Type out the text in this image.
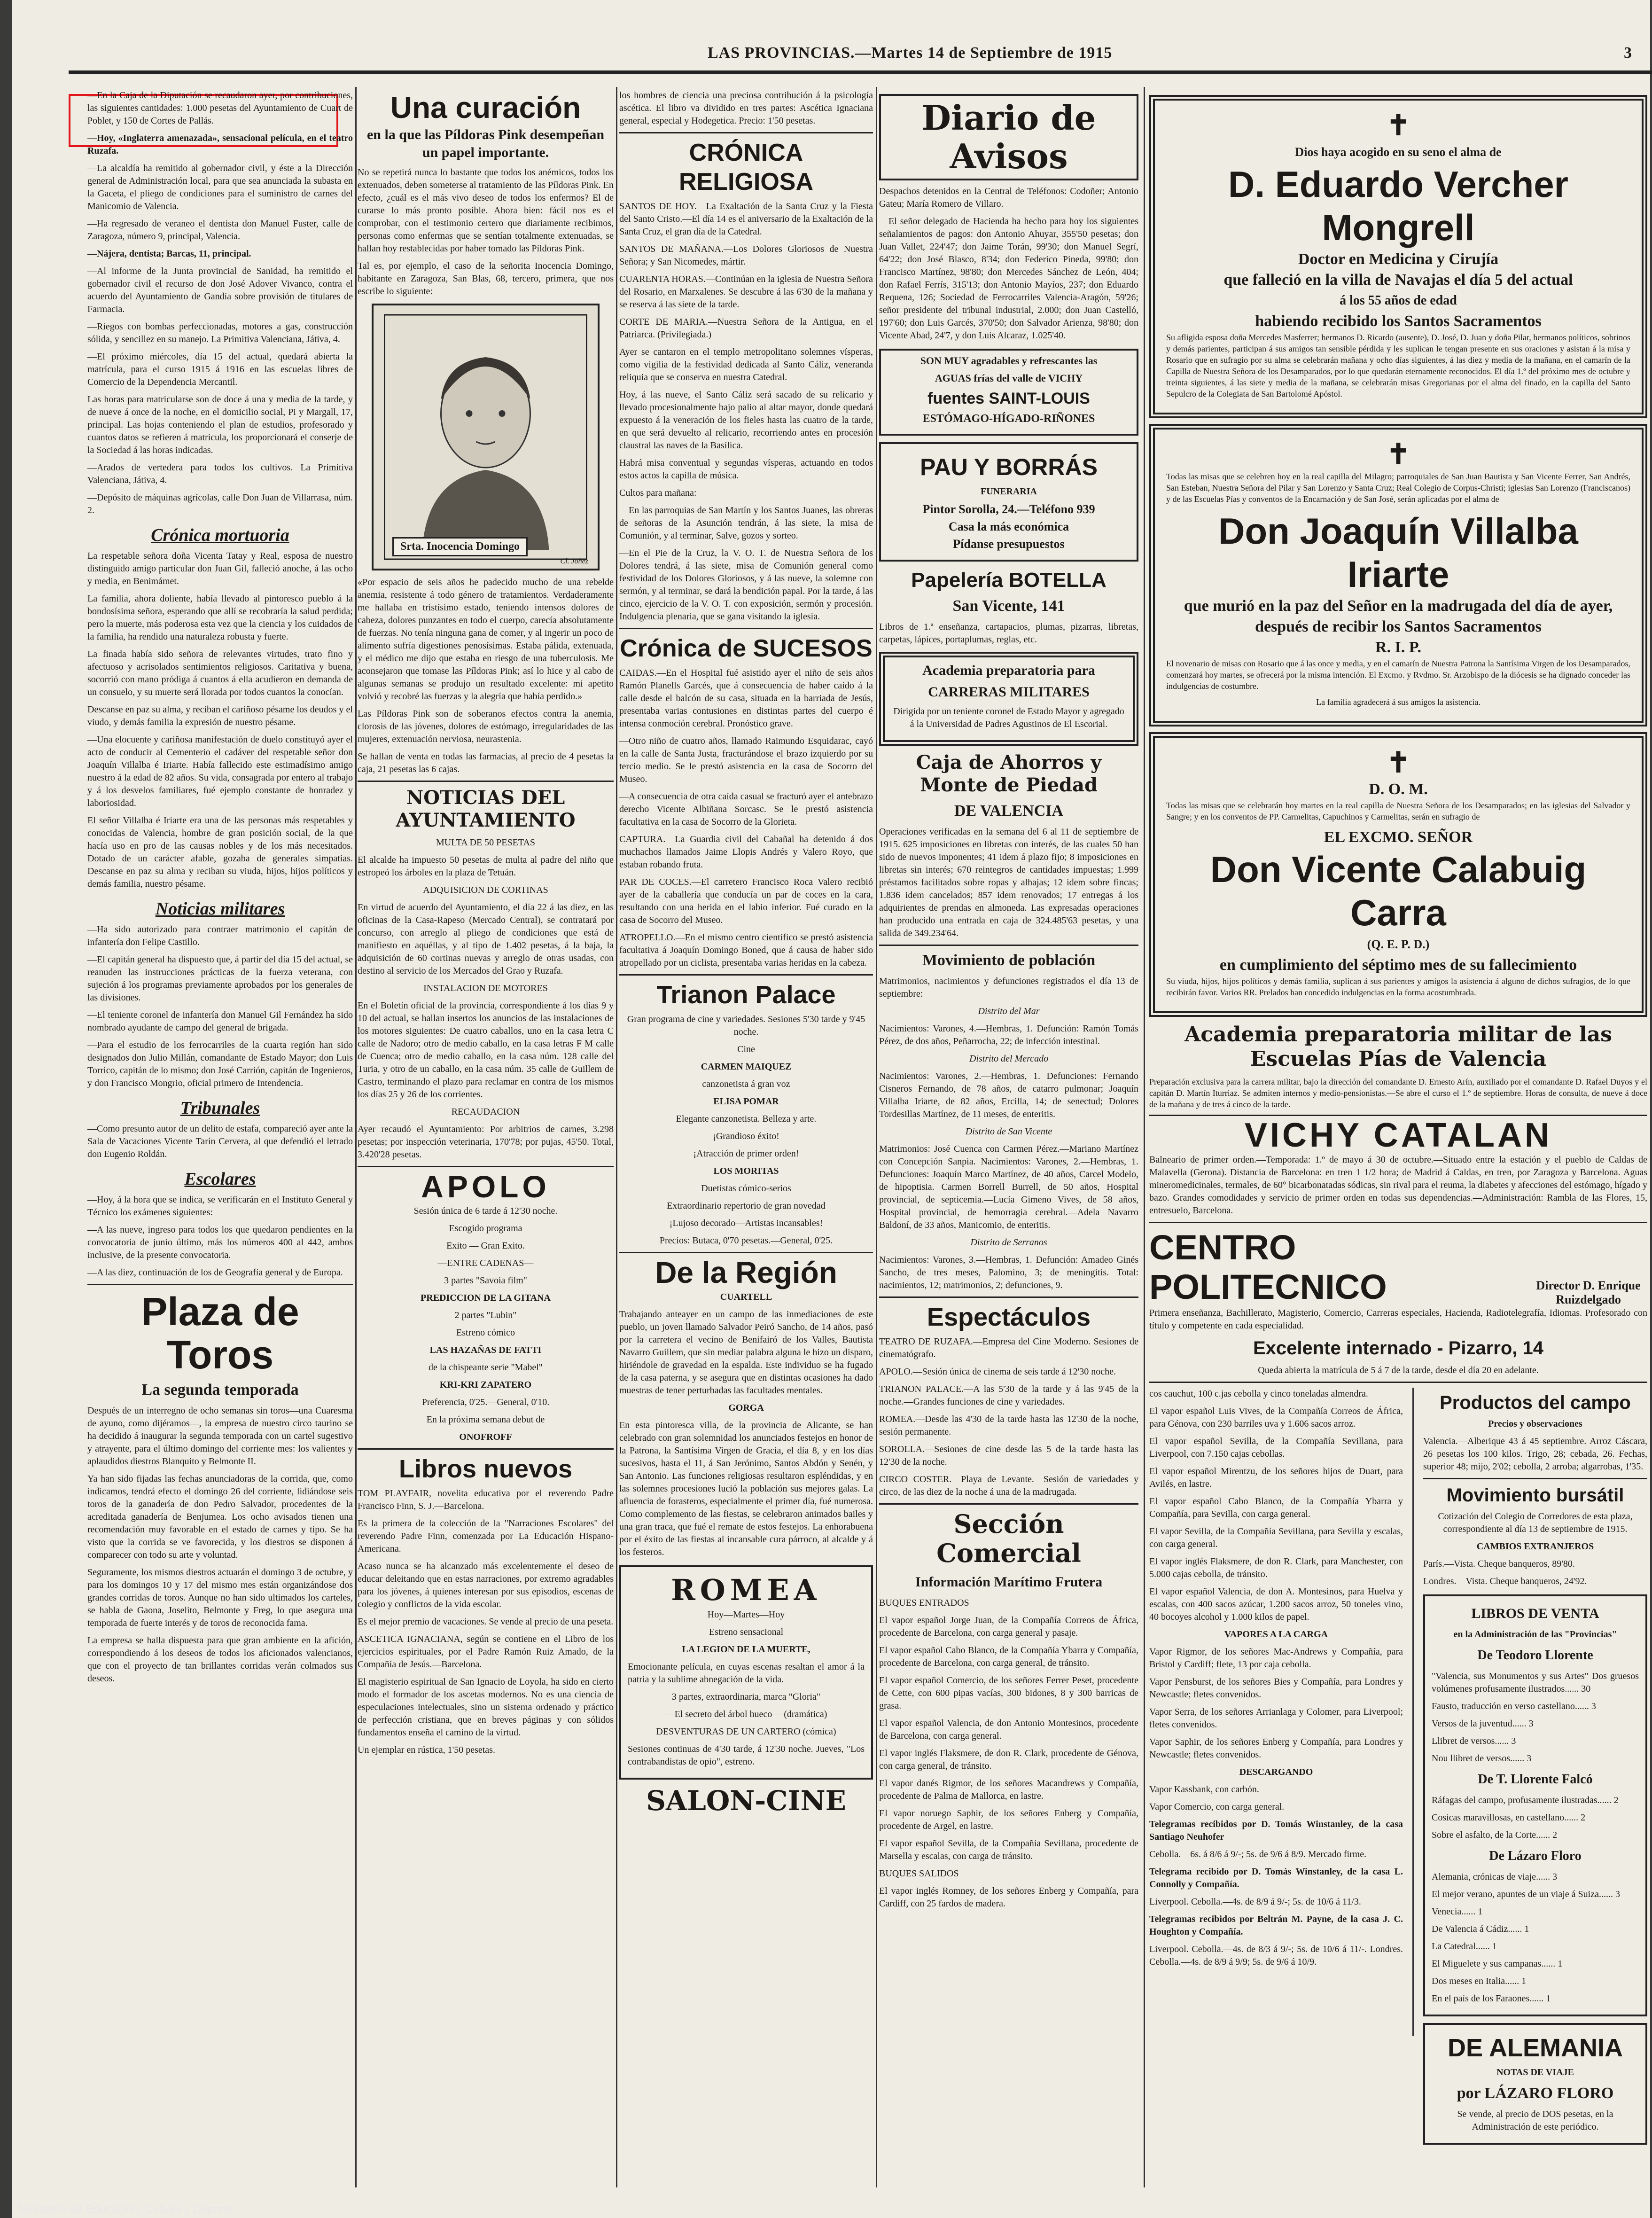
LAS PROVINCIAS.—Martes 14 de Septiembre de 1915	3

—En la Caja de la Diputación se recaudaron ayer, por contribuciones, las siguientes cantidades: 1.000 pesetas del Ayuntamiento de Cuart de Poblet, y 150 de Cortes de Pallás.

—Hoy, «Inglaterra amenazada», sensacional película, en el teatro Ruzafa.

—La alcaldía ha remitido al gobernador civil, y éste a la Dirección general de Administración local, para que sea anunciada la subasta en la Gaceta, el pliego de condiciones para el suministro de carnes del Manicomio de Valencia.

—Ha regresado de veraneo el dentista don Manuel Fuster, calle de Zaragoza, número 9, principal, Valencia.

—Nájera, dentista; Barcas, 11, principal.

—Al informe de la Junta provincial de Sanidad, ha remitido el gobernador civil el recurso de don José Adover Vivanco, contra el acuerdo del Ayuntamiento de Gandía sobre provisión de titulares de Farmacia.

—Riegos con bombas perfeccionadas, motores a gas, construcción sólida, y sencillez en su manejo. La Primitiva Valenciana, Játiva, 4.

—El próximo miércoles, día 15 del actual, quedará abierta la matrícula, para el curso 1915 á 1916 en las escuelas libres de Comercio de la Dependencia Mercantil.

Las horas para matricularse son de doce á una y media de la tarde, y de nueve á once de la noche, en el domicilio social, Pi y Margall, 17, principal. Las hojas conteniendo el plan de estudios, profesorado y cuantos datos se refieren á matrícula, los proporcionará el conserje de la Sociedad á las horas indicadas.

—Arados de vertedera para todos los cultivos. La Primitiva Valenciana, Játiva, 4.

—Depósito de máquinas agrícolas, calle Don Juan de Villarrasa, núm. 2.

Crónica mortuoria

La respetable señora doña Vicenta Tatay y Real, esposa de nuestro distinguido amigo particular don Juan Gil, falleció anoche, á las ocho y media, en Benimámet.

La familia, ahora doliente, había llevado al pintoresco pueblo á la bondosísima señora, esperando que allí se recobraría la salud perdida; pero la muerte, más poderosa esta vez que la ciencia y los cuidados de la familia, ha rendido una naturaleza robusta y fuerte.

La finada había sido señora de relevantes virtudes, trato fino y afectuoso y acrisolados sentimientos religiosos. Caritativa y buena, socorrió con mano pródiga á cuantos á ella acudieron en demanda de un consuelo, y su muerte será llorada por todos cuantos la conocían.

Descanse en paz su alma, y reciban el cariñoso pésame los deudos y el viudo, y demás familia la expresión de nuestro pésame.

—Una elocuente y cariñosa manifestación de duelo constituyó ayer el acto de conducir al Cementerio el cadáver del respetable señor don Joaquín Villalba é Iriarte. Había fallecido este estimadísimo amigo nuestro á la edad de 82 años. Su vida, consagrada por entero al trabajo y á los desvelos familiares, fué ejemplo constante de honradez y laboriosidad.

El señor Villalba é Iriarte era una de las personas más respetables y conocidas de Valencia, hombre de gran posición social, de la que hacía uso en pro de las causas nobles y de los más necesitados. Dotado de un carácter afable, gozaba de generales simpatías. Descanse en paz su alma y reciban su viuda, hijos, hijos políticos y demás familia, nuestro pésame.

Noticias militares

—Ha sido autorizado para contraer matrimonio el capitán de infantería don Felipe Castillo.

—El capitán general ha dispuesto que, á partir del día 15 del actual, se reanuden las instrucciones prácticas de la fuerza veterana, con sujeción á los programas previamente aprobados por los generales de las divisiones.

—El teniente coronel de infantería don Manuel Gil Fernández ha sido nombrado ayudante de campo del general de brigada.

—Para el estudio de los ferrocarriles de la cuarta región han sido designados don Julio Millán, comandante de Estado Mayor; don Luis Torrico, capitán de lo mismo; don José Carrión, capitán de Ingenieros, y don Francisco Mongrio, oficial primero de Intendencia.

Tribunales

—Como presunto autor de un delito de estafa, compareció ayer ante la Sala de Vacaciones Vicente Tarín Cervera, al que defendió el letrado don Eugenio Roldán.

Escolares

—Hoy, á la hora que se indica, se verificarán en el Instituto General y Técnico los exámenes siguientes:

—A las nueve, ingreso para todos los que quedaron pendientes en la convocatoria de junio último, más los números 400 al 442, ambos inclusive, de la presente convocatoria.

—A las diez, continuación de los de Geografía general y de Europa.

Plaza de Toros
La segunda temporada

Después de un interregno de ocho semanas sin toros—una Cuaresma de ayuno, como dijéramos—, la empresa de nuestro circo taurino se ha decidido á inaugurar la segunda temporada con un cartel sugestivo y atrayente, para el último domingo del corriente mes: los valientes y aplaudidos diestros Blanquito y Belmonte II.

Ya han sido fijadas las fechas anunciadoras de la corrida, que, como indicamos, tendrá efecto el domingo 26 del corriente, lidiándose seis toros de la ganadería de don Pedro Salvador, procedentes de la acreditada ganadería de Benjumea. Los ocho avisados tienen una recomendación muy favorable en el estado de carnes y tipo. Se ha visto que la corrida se ve favorecida, y los diestros se disponen á comparecer con todo su arte y voluntad.

Seguramente, los mismos diestros actuarán el domingo 3 de octubre, y para los domingos 10 y 17 del mismo mes están organizándose dos grandes corridas de toros. Aunque no han sido ultimados los carteles, se habla de Gaona, Joselito, Belmonte y Freg, lo que asegura una temporada de fuerte interés y de toros de reconocida fama.

La empresa se halla dispuesta para que gran ambiente en la afición, correspondiendo á los deseos de todos los aficionados valencianos, que con el proyecto de tan brillantes corridas verán colmados sus deseos.

Una curación
en la que las Píldoras Pink desempeñan un papel importante.

No se repetirá nunca lo bastante que todos los anémicos, todos los extenuados, deben someterse al tratamiento de las Píldoras Pink. En efecto, ¿cuál es el más vivo deseo de todos los enfermos? El de curarse lo más pronto posible. Ahora bien: fácil nos es el comprobar, con el testimonio certero que diariamente recibimos, personas como enfermas que se sentían totalmente extenuadas, se hallan hoy restablecidas por haber tomado las Píldoras Pink.

Tal es, por ejemplo, el caso de la señorita Inocencia Domingo, habitante en Zaragoza, San Blas, 68, tercero, primera, que nos escribe lo siguiente:

Srta. Inocencia Domingo
Cl. Joñez

«Por espacio de seis años he padecido mucho de una rebelde anemia, resistente á todo género de tratamientos. Verdaderamente me hallaba en tristísimo estado, teniendo intensos dolores de cabeza, dolores punzantes en todo el cuerpo, carecía absolutamente de fuerzas. No tenía ninguna gana de comer, y al ingerir un poco de alimento sufría digestiones penosísimas. Estaba pálida, extenuada, y el médico me dijo que estaba en riesgo de una tuberculosis. Me aconsejaron que tomase las Píldoras Pink; así lo hice y al cabo de algunas semanas se produjo un resultado excelente: mi apetito volvió y recobré las fuerzas y la alegría que había perdido.»

Las Píldoras Pink son de soberanos efectos contra la anemia, clorosis de las jóvenes, dolores de estómago, irregularidades de las mujeres, extenuación nerviosa, neurastenia.

Se hallan de venta en todas las farmacias, al precio de 4 pesetas la caja, 21 pesetas las 6 cajas.

NOTICIAS DEL AYUNTAMIENTO

MULTA DE 50 PESETAS

El alcalde ha impuesto 50 pesetas de multa al padre del niño que estropeó los árboles en la plaza de Tetuán.

ADQUISICION DE CORTINAS

En virtud de acuerdo del Ayuntamiento, el día 22 á las diez, en las oficinas de la Casa-Rapeso (Mercado Central), se contratará por concurso, con arreglo al pliego de condiciones que está de manifiesto en aquéllas, y al tipo de 1.402 pesetas, á la baja, la adquisición de 60 cortinas nuevas y arreglo de otras usadas, con destino al servicio de los Mercados del Grao y Ruzafa.

INSTALACION DE MOTORES

En el Boletín oficial de la provincia, correspondiente á los días 9 y 10 del actual, se hallan insertos los anuncios de las instalaciones de los motores siguientes: De cuatro caballos, uno en la casa letra C calle de Nadoro; otro de medio caballo, en la casa letras F M calle de Cuenca; otro de medio caballo, en la casa núm. 128 calle del Turia, y otro de un caballo, en la casa núm. 35 calle de Guillem de Castro, terminando el plazo para reclamar en contra de los mismos los días 25 y 26 de los corrientes.

RECAUDACION

Ayer recaudó el Ayuntamiento: Por arbitrios de carnes, 3.298 pesetas; por inspección veterinaria, 170'78; por pujas, 45'50. Total, 3.420'28 pesetas.

APOLO

Sesión única de 6 tarde á 12'30 noche.

Escogido programa

Exito — Gran Exito.

—ENTRE CADENAS—

3 partes "Savoia film"

PREDICCION DE LA GITANA

2 partes "Lubin"

Estreno cómico

LAS HAZAÑAS DE FATTI

de la chispeante serie "Mabel"

KRI-KRI ZAPATERO

Preferencia, 0'25.—General, 0'10.

En la próxima semana debut de

ONOFROFF

Libros nuevos

TOM PLAYFAIR, novelita educativa por el reverendo Padre Francisco Finn, S. J.—Barcelona.

Es la primera de la colección de la "Narraciones Escolares" del reverendo Padre Finn, comenzada por La Educación Hispano-Americana.

Acaso nunca se ha alcanzado más excelentemente el deseo de educar deleitando que en estas narraciones, por extremo agradables para los jóvenes, á quienes interesan por sus episodios, escenas de colegio y conflictos de la vida escolar.

Es el mejor premio de vacaciones. Se vende al precio de una peseta.

ASCETICA IGNACIANA, según se contiene en el Libro de los ejercicios espirituales, por el Padre Ramón Ruiz Amado, de la Compañía de Jesús.—Barcelona.

El magisterio espiritual de San Ignacio de Loyola, ha sido en cierto modo el formador de los ascetas modernos. No es una ciencia de especulaciones intelectuales, sino un sistema ordenado y práctico de perfección cristiana, que en breves páginas y con sólidos fundamentos enseña el camino de la virtud.

Un ejemplar en rústica, 1'50 pesetas.

los hombres de ciencia una preciosa contribución á la psicología ascética. El libro va dividido en tres partes: Ascética Ignaciana general, especial y Hodegetica. Precio: 1'50 pesetas.

CRÓNICA RELIGIOSA

SANTOS DE HOY.—La Exaltación de la Santa Cruz y la Fiesta del Santo Cristo.—El día 14 es el aniversario de la Exaltación de la Santa Cruz, el gran día de la Catedral.

SANTOS DE MAÑANA.—Los Dolores Gloriosos de Nuestra Señora; y San Nicomedes, mártir.

CUARENTA HORAS.—Continúan en la iglesia de Nuestra Señora del Rosario, en Marxalenes. Se descubre á las 6'30 de la mañana y se reserva á las siete de la tarde.

CORTE DE MARIA.—Nuestra Señora de la Antigua, en el Patriarca. (Privilegiada.)

Ayer se cantaron en el templo metropolitano solemnes vísperas, como vigilia de la festividad dedicada al Santo Cáliz, veneranda reliquia que se conserva en nuestra Catedral.

Hoy, á las nueve, el Santo Cáliz será sacado de su relicario y llevado procesionalmente bajo palio al altar mayor, donde quedará expuesto á la veneración de los fieles hasta las cuatro de la tarde, en que será devuelto al relicario, recorriendo antes en procesión claustral las naves de la Basílica.

Habrá misa conventual y segundas vísperas, actuando en todos estos actos la capilla de música.

Cultos para mañana:

—En las parroquias de San Martín y los Santos Juanes, las obreras de señoras de la Asunción tendrán, á las siete, la misa de Comunión, y al terminar, Salve, gozos y sorteo.

—En el Pie de la Cruz, la V. O. T. de Nuestra Señora de los Dolores tendrá, á las siete, misa de Comunión general como festividad de los Dolores Gloriosos, y á las nueve, la solemne con sermón, y al terminar, se dará la bendición papal. Por la tarde, á las cinco, ejercicio de la V. O. T. con exposición, sermón y procesión. Indulgencia plenaria, que se gana visitando la iglesia.

Crónica de SUCESOS

CAIDAS.—En el Hospital fué asistido ayer el niño de seis años Ramón Planells Garcés, que á consecuencia de haber caído á la calle desde el balcón de su casa, situada en la barriada de Jesús, presentaba varias contusiones en distintas partes del cuerpo é intensa conmoción cerebral. Pronóstico grave.

—Otro niño de cuatro años, llamado Raimundo Esquidarac, cayó en la calle de Santa Justa, fracturándose el brazo izquierdo por su tercio medio. Se le prestó asistencia en la casa de Socorro del Museo.

—A consecuencia de otra caída casual se fracturó ayer el antebrazo derecho Vicente Albiñana Sorcasc. Se le prestó asistencia facultativa en la casa de Socorro de la Glorieta.

CAPTURA.—La Guardia civil del Cabañal ha detenido á dos muchachos llamados Jaime Llopis Andrés y Valero Royo, que estaban robando fruta.

PAR DE COCES.—El carretero Francisco Roca Valero recibió ayer de la caballería que conducía un par de coces en la cara, resultando con una herida en el labio inferior. Fué curado en la casa de Socorro del Museo.

ATROPELLO.—En el mismo centro científico se prestó asistencia facultativa á Joaquín Domingo Boned, que á causa de haber sido atropellado por un ciclista, presentaba varias heridas en la cabeza.

Trianon Palace

Gran programa de cine y variedades. Sesiones 5'30 tarde y 9'45 noche.

Cine

CARMEN MAIQUEZ

canzonetista á gran voz

ELISA POMAR

Elegante canzonetista. Belleza y arte.

¡Grandioso éxito!

¡Atracción de primer orden!

LOS MORITAS

Duetistas cómico-serios

Extraordinario repertorio de gran novedad

¡Lujoso decorado—Artistas incansables!

Precios: Butaca, 0'70 pesetas.—General, 0'25.

De la Región

CUARTELL

Trabajando anteayer en un campo de las inmediaciones de este pueblo, un joven llamado Salvador Peiró Sancho, de 14 años, pasó por la carretera el vecino de Benifairó de los Valles, Bautista Navarro Guillem, que sin mediar palabra alguna le hizo un disparo, hiriéndole de gravedad en la espalda. Este individuo se ha fugado de la casa paterna, y se asegura que en distintas ocasiones ha dado muestras de tener perturbadas las facultades mentales.

GORGA

En esta pintoresca villa, de la provincia de Alicante, se han celebrado con gran solemnidad los anunciados festejos en honor de la Patrona, la Santísima Virgen de Gracia, el día 8, y en los días sucesivos, hasta el 11, á San Jerónimo, Santos Abdón y Senén, y San Antonio. Las funciones religiosas resultaron espléndidas, y en las solemnes procesiones lució la población sus mejores galas. La afluencia de forasteros, especialmente el primer día, fué numerosa. Como complemento de las fiestas, se celebraron animados bailes y una gran traca, que fué el remate de estos festejos. La enhorabuena por el éxito de las fiestas al incansable cura párroco, al alcalde y á los festeros.

ROMEA

Hoy—Martes—Hoy

Estreno sensacional

LA LEGION DE LA MUERTE,

Emocionante película, en cuyas escenas resaltan el amor á la patria y la sublime abnegación de la vida.

3 partes, extraordinaria, marca "Gloria"

—El secreto del árbol hueco— (dramática)

DESVENTURAS DE UN CARTERO (cómica)

Sesiones continuas de 4'30 tarde, á 12'30 noche. Jueves, "Los contrabandistas de opio", estreno.

SALON-CINE
Diario de Avisos

Despachos detenidos en la Central de Teléfonos: Codoñer; Antonio Gateu; María Romero de Villaro.

—El señor delegado de Hacienda ha hecho para hoy los siguientes señalamientos de pagos: don Antonio Ahuyar, 355'50 pesetas; don Juan Vallet, 224'47; don Jaime Torán, 99'30; don Manuel Segrí, 64'22; don José Blasco, 8'34; don Federico Pineda, 99'80; don Francisco Martínez, 98'80; don Mercedes Sánchez de León, 404; don Rafael Ferrís, 315'13; don Antonio Mayíos, 237; don Eduardo Requena, 126; Sociedad de Ferrocarriles Valencia-Aragón, 59'26; señor presidente del tribunal industrial, 2.000; don Juan Castelló, 197'60; don Luis Garcés, 370'50; don Salvador Arienza, 98'80; don Vicente Abad, 24'7, y don Luis Alcaraz, 1.025'40.

SON MUY agradables y refrescantes las

AGUAS frías del valle de VICHY

fuentes SAINT-LOUIS

ESTÓMAGO-HÍGADO-RIÑONES

PAU Y BORRÁS

FUNERARIA

Pintor Sorolla, 24.—Teléfono 939

Casa la más económica

Pídanse presupuestos

Papelería BOTELLA
San Vicente, 141

Libros de 1.ª enseñanza, cartapacios, plumas, pizarras, libretas, carpetas, lápices, portaplumas, reglas, etc.

Academia preparatoria para

CARRERAS MILITARES

Dirigida por un teniente coronel de Estado Mayor y agregado á la Universidad de Padres Agustinos de El Escorial.

Caja de Ahorros y Monte de Piedad
DE VALENCIA

Operaciones verificadas en la semana del 6 al 11 de septiembre de 1915. 625 imposiciones en libretas con interés, de las cuales 50 han sido de nuevos imponentes; 41 idem á plazo fijo; 8 imposiciones en libretas sin interés; 670 reintegros de cantidades impuestas; 1.999 préstamos facilitados sobre ropas y alhajas; 12 idem sobre fincas; 1.836 idem cancelados; 857 idem renovados; 17 entregas á los adquirientes de prendas en almoneda. Las expresadas operaciones han producido una entrada en caja de 324.485'63 pesetas, y una salida de 349.234'64.

Movimiento de población

Matrimonios, nacimientos y defunciones registrados el día 13 de septiembre:

Distrito del Mar

Nacimientos: Varones, 4.—Hembras, 1. Defunción: Ramón Tomás Pérez, de dos años, Peñarrocha, 22; de infección intestinal.

Distrito del Mercado

Nacimientos: Varones, 2.—Hembras, 1. Defunciones: Fernando Cisneros Fernando, de 78 años, de catarro pulmonar; Joaquín Villalba Iriarte, de 82 años, Ercilla, 14; de senectud; Dolores Tordesillas Martínez, de 11 meses, de enteritis.

Distrito de San Vicente

Matrimonios: José Cuenca con Carmen Pérez.—Mariano Martínez con Concepción Sanpia. Nacimientos: Varones, 2.—Hembras, 1. Defunciones: Joaquín Marco Martínez, de 40 años, Carcel Modelo, de hipoptisia. Carmen Borrell Burrell, de 50 años, Hospital provincial, de septicemia.—Lucía Gimeno Vives, de 58 años, Hospital provincial, de hemorragia cerebral.—Adela Navarro Baldoní, de 33 años, Manicomio, de enteritis.

Distrito de Serranos

Nacimientos: Varones, 3.—Hembras, 1. Defunción: Amadeo Ginés Sancho, de tres meses, Palomino, 3; de meningitis. Total: nacimientos, 12; matrimonios, 2; defunciones, 9.

Espectáculos

TEATRO DE RUZAFA.—Empresa del Cine Moderno. Sesiones de cinematógrafo.

APOLO.—Sesión única de cinema de seis tarde á 12'30 noche.

TRIANON PALACE.—A las 5'30 de la tarde y á las 9'45 de la noche.—Grandes funciones de cine y variedades.

ROMEA.—Desde las 4'30 de la tarde hasta las 12'30 de la noche, sesión permanente.

SOROLLA.—Sesiones de cine desde las 5 de la tarde hasta las 12'30 de la noche.

CIRCO COSTER.—Playa de Levante.—Sesión de variedades y circo, de las diez de la noche á una de la madrugada.

Sección Comercial
Información Marítimo Frutera

BUQUES ENTRADOS

El vapor español Jorge Juan, de la Compañía Correos de África, procedente de Barcelona, con carga general y pasaje.

El vapor español Cabo Blanco, de la Compañía Ybarra y Compañía, procedente de Barcelona, con carga general, de tránsito.

El vapor español Comercio, de los señores Ferrer Peset, procedente de Cette, con 600 pipas vacías, 300 bidones, 8 y 300 barricas de grasa.

El vapor español Valencia, de don Antonio Montesinos, procedente de Barcelona, con carga general.

El vapor inglés Flaksmere, de don R. Clark, procedente de Génova, con carga general, de tránsito.

El vapor danés Rigmor, de los señores Macandrews y Compañía, procedente de Palma de Mallorca, en lastre.

El vapor noruego Saphir, de los señores Enberg y Compañía, procedente de Argel, en lastre.

El vapor español Sevilla, de la Compañía Sevillana, procedente de Marsella y escalas, con carga de tránsito.

BUQUES SALIDOS

El vapor inglés Romney, de los señores Enberg y Compañía, para Cardiff, con 25 fardos de madera.

✝
Dios haya acogido en su seno el alma de
D. Eduardo Vercher Mongrell
Doctor en Medicina y Cirujía
que falleció en la villa de Navajas el día 5 del actual
á los 55 años de edad
habiendo recibido los Santos Sacramentos

Su afligida esposa doña Mercedes Masferrer; hermanos D. Ricardo (ausente), D. José, D. Juan y doña Pilar, hermanos políticos, sobrinos y demás parientes, participan á sus amigos tan sensible pérdida y les suplican le tengan presente en sus oraciones y asistan á la misa y Rosario que en sufragio por su alma se celebrarán mañana y ocho días siguientes, á las diez y media de la mañana, en el camarín de la Capilla de Nuestra Señora de los Desamparados, por lo que quedarán eternamente reconocidos. El día 1.º del próximo mes de octubre y treinta siguientes, á las siete y media de la mañana, se celebrarán misas Gregorianas por el alma del finado, en la capilla del Santo Sepulcro de la Colegiata de San Bartolomé Apóstol.

✝

Todas las misas que se celebren hoy en la real capilla del Milagro; parroquiales de San Juan Bautista y San Vicente Ferrer, San Andrés, San Esteban, Nuestra Señora del Pilar y San Lorenzo y Santa Cruz; Real Colegio de Corpus-Christi; iglesias San Lorenzo (Franciscanos) y de las Escuelas Pías y conventos de la Encarnación y de San José, serán aplicadas por el alma de

Don Joaquín Villalba Iriarte
que murió en la paz del Señor en la madrugada del día de ayer,
después de recibir los Santos Sacramentos
R. I. P.

El novenario de misas con Rosario que á las once y media, y en el camarín de Nuestra Patrona la Santísima Virgen de los Desamparados, comenzará hoy martes, se ofrecerá por la misma intención. El Excmo. y Rvdmo. Sr. Arzobispo de la diócesis se ha dignado conceder las indulgencias de costumbre.

La familia agradecerá á sus amigos la asistencia.

✝
D. O. M.

Todas las misas que se celebrarán hoy martes en la real capilla de Nuestra Señora de los Desamparados; en las iglesias del Salvador y Sangre; y en los conventos de PP. Carmelitas, Capuchinos y Carmelitas, serán en sufragio de

EL EXCMO. SEÑOR
Don Vicente Calabuig Carra
(Q. E. P. D.)
en cumplimiento del séptimo mes de su fallecimiento

Su viuda, hijos, hijos políticos y demás familia, suplican á sus parientes y amigos la asistencia á alguno de dichos sufragios, de lo que recibirán favor. Varios RR. Prelados han concedido indulgencias en la forma acostumbrada.

Academia preparatoria militar de las Escuelas Pías de Valencia

Preparación exclusiva para la carrera militar, bajo la dirección del comandante D. Ernesto Arín, auxiliado por el comandante D. Rafael Duyos y el capitán D. Martín Iturriaz. Se admiten internos y medio-pensionistas.—Se abre el curso el 1.º de septiembre. Horas de consulta, de nueve á doce de la mañana y de tres á cinco de la tarde.

VICHY CATALAN

Balneario de primer orden.—Temporada: 1.º de mayo á 30 de octubre.—Situado entre la estación y el pueblo de Caldas de Malavella (Gerona). Distancia de Barcelona: en tren 1 1/2 hora; de Madrid á Caldas, en tren, por Zaragoza y Barcelona. Aguas mineromedicinales, termales, de 60° bicarbonatadas sódicas, sin rival para el reuma, la diabetes y afecciones del estómago, hígado y bazo. Grandes comodidades y servicio de primer orden en todas sus dependencias.—Administración: Rambla de las Flores, 15, entresuelo, Barcelona.

CENTRO POLITECNICO	Director D. Enrique Ruizdelgado

Primera enseñanza, Bachillerato, Magisterio, Comercio, Carreras especiales, Hacienda, Radiotelegrafía, Idiomas. Profesorado con título y competente en cada especialidad.

Excelente internado - Pizarro, 14

Queda abierta la matrícula de 5 á 7 de la tarde, desde el día 20 en adelante.

cos cauchut, 100 c.jas cebolla y cinco toneladas almendra.

El vapor español Luis Vives, de la Compañía Correos de África, para Génova, con 230 barriles uva y 1.606 sacos arroz.

El vapor español Sevilla, de la Compañía Sevillana, para Liverpool, con 7.150 cajas cebollas.

El vapor español Mirentzu, de los señores hijos de Duart, para Avilés, en lastre.

El vapor español Cabo Blanco, de la Compañía Ybarra y Compañía, para Sevilla, con carga general.

El vapor Sevilla, de la Compañía Sevillana, para Sevilla y escalas, con carga general.

El vapor inglés Flaksmere, de don R. Clark, para Manchester, con 5.000 cajas cebolla, de tránsito.

El vapor español Valencia, de don A. Montesinos, para Huelva y escalas, con 400 sacos azúcar, 1.200 sacos arroz, 50 toneles vino, 40 bocoyes alcohol y 1.000 kilos de papel.

VAPORES A LA CARGA

Vapor Rigmor, de los señores Mac-Andrews y Compañía, para Bristol y Cardiff; flete, 13 por caja cebolla.

Vapor Pensburst, de los señores Bies y Compañía, para Londres y Newcastle; fletes convenidos.

Vapor Serra, de los señores Arrianlaga y Colomer, para Liverpool; fletes convenidos.

Vapor Saphir, de los señores Enberg y Compañía, para Londres y Newcastle; fletes convenidos.

DESCARGANDO

Vapor Kassbank, con carbón.

Vapor Comercio, con carga general.

Telegramas recibidos por D. Tomás Winstanley, de la casa Santiago Neuhofer

Cebolla.—6s. á 8/6 á 9/-; 5s. de 9/6 á 8/9. Mercado firme.

Telegrama recibido por D. Tomás Winstanley, de la casa L. Connolly y Compañía.

Liverpool. Cebolla.—4s. de 8/9 á 9/-; 5s. de 10/6 á 11/3.

Telegramas recibidos por Beltrán M. Payne, de la casa J. C. Houghton y Compañía.

Liverpool. Cebolla.—4s. de 8/3 á 9/-; 5s. de 10/6 á 11/-. Londres. Cebolla.—4s. de 8/9 á 9/9; 5s. de 9/6 á 10/9.

Productos del campo

Precios y observaciones

Valencia.—Alberique 43 á 45 septiembre. Arroz Cáscara, 26 pesetas los 100 kilos. Trigo, 28; cebada, 26. Fechas, superior 48; mijo, 2'02; cebolla, 2 arroba; algarrobas, 1'35.

Movimiento bursátil

Cotización del Colegio de Corredores de esta plaza, correspondiente al día 13 de septiembre de 1915.

CAMBIOS EXTRANJEROS

París.—Vista. Cheque banqueros, 89'80.

Londres.—Vista. Cheque banqueros, 24'92.

LIBROS DE VENTA

en la Administración de las "Provincias"

De Teodoro Llorente

"Valencia, sus Monumentos y sus Artes" Dos gruesos volúmenes profusamente ilustrados...... 30

Fausto, traducción en verso castellano...... 3

Versos de la juventud...... 3

Llibret de versos...... 3

Nou llibret de versos...... 3

De T. Llorente Falcó

Ráfagas del campo, profusamente ilustradas...... 2

Cosicas maravillosas, en castellano...... 2

Sobre el asfalto, de la Corte...... 2

De Lázaro Floro

Alemania, crónicas de viaje...... 3

El mejor verano, apuntes de un viaje á Suiza...... 3

Venecia...... 1

De Valencia á Cádiz...... 1

La Catedral...... 1

El Miguelete y sus campanas...... 1

Dos meses en Italia...... 1

En el país de los Faraones...... 1

DE ALEMANIA

NOTAS DE VIAJE

por LÁZARO FLORO

Se vende, al precio de DOS pesetas, en la Administración de este periódico.

Ministerio de Educación, Cultura y Deporte
